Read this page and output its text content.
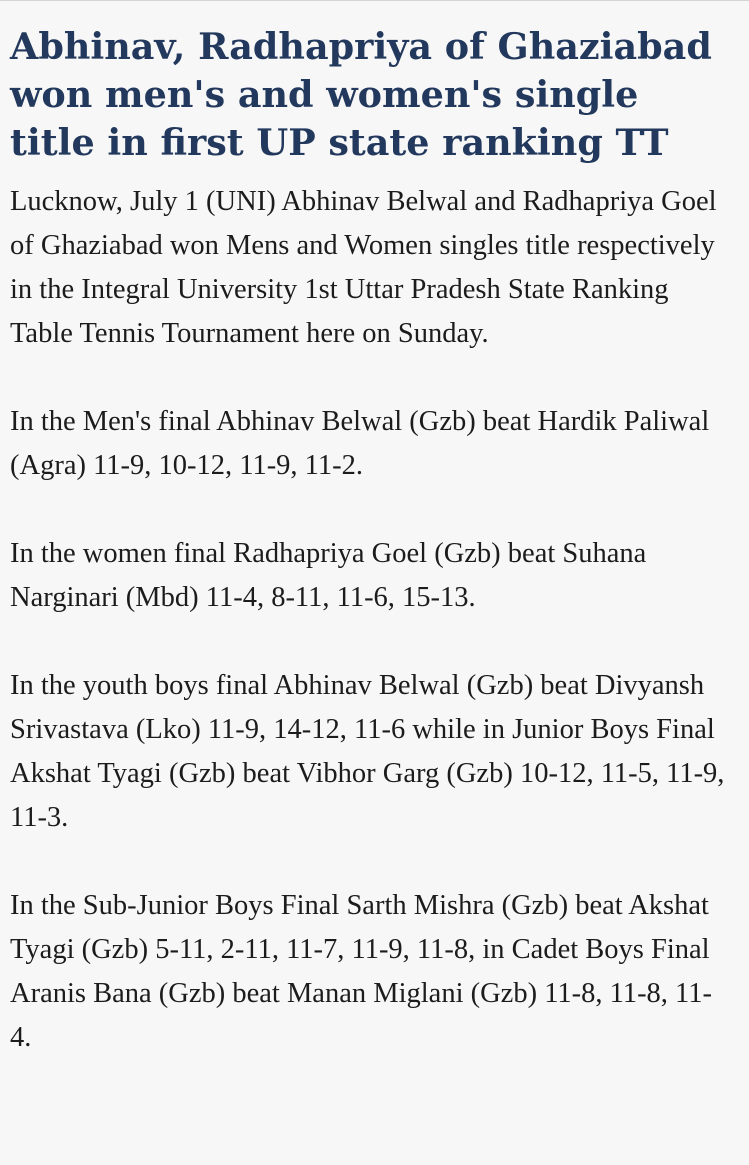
Abhinav, Radhapriya of Ghaziabad won men's and women's single title in first UP state ranking TT

Lucknow, July 1 (UNI) Abhinav Belwal and Radhapriya Goel of Ghaziabad won Mens and Women singles title respectively in the Integral University 1st Uttar Pradesh State Ranking Table Tennis Tournament here on Sunday.

In the Men's final Abhinav Belwal (Gzb) beat Hardik Paliwal (Agra) 11-9, 10-12, 11-9, 11-2.

In the women final Radhapriya Goel (Gzb) beat Suhana Narginari (Mbd) 11-4, 8-11, 11-6, 15-13.

In the youth boys final Abhinav Belwal (Gzb) beat Divyansh Srivastava (Lko) 11-9, 14-12, 11-6 while in Junior Boys Final Akshat Tyagi (Gzb) beat Vibhor Garg (Gzb) 10-12, 11-5, 11-9, 11-3.

In the Sub-Junior Boys Final Sarth Mishra (Gzb) beat Akshat Tyagi (Gzb) 5-11, 2-11, 11-7, 11-9, 11-8, in Cadet Boys Final Aranis Bana (Gzb) beat Manan Miglani (Gzb) 11-8, 11-8, 11-4.
